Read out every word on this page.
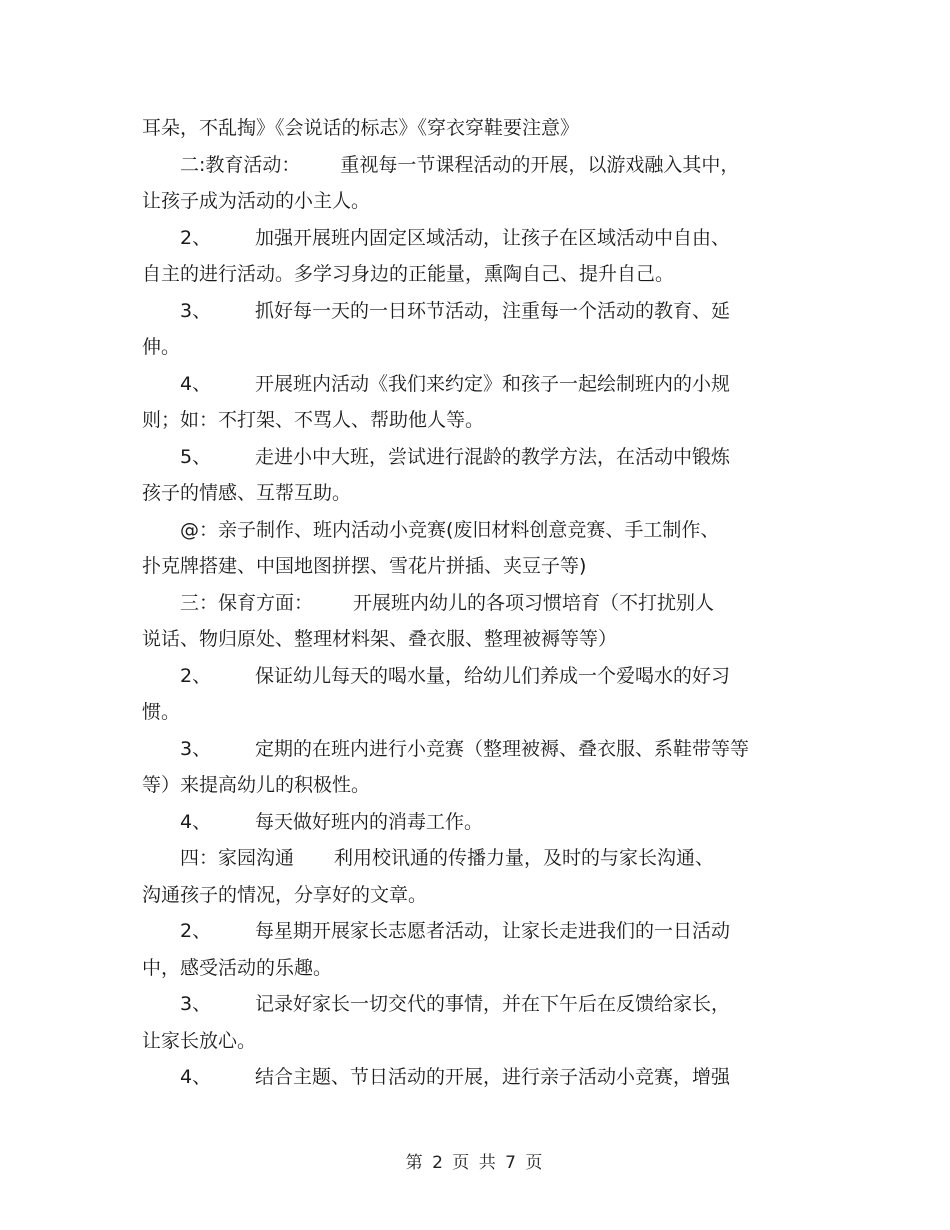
耳朵，不乱掏》《会说话的标志》《穿衣穿鞋要注意》
二:教育活动： 重视每一节课程活动的开展，以游戏融入其中，
让孩子成为活动的小主人。
2、 加强开展班内固定区域活动，让孩子在区域活动中自由、
自主的进行活动。多学习身边的正能量，熏陶自己、提升自己。
3、 抓好每一天的一日环节活动，注重每一个活动的教育、延
伸。
4、 开展班内活动《我们来约定》和孩子一起绘制班内的小规
则；如：不打架、不骂人、帮助他人等。
5、 走进小中大班，尝试进行混龄的教学方法，在活动中锻炼
孩子的情感、互帮互助。
@：亲子制作、班内活动小竞赛(废旧材料创意竞赛、手工制作、
扑克牌搭建、中国地图拼摆、雪花片拼插、夹豆子等)
三：保育方面： 开展班内幼儿的各项习惯培育（不打扰别人
说话、物归原处、整理材料架、叠衣服、整理被褥等等）
2、 保证幼儿每天的喝水量，给幼儿们养成一个爱喝水的好习
惯。
3、 定期的在班内进行小竞赛（整理被褥、叠衣服、系鞋带等等
等）来提高幼儿的积极性。
4、 每天做好班内的消毒工作。
四：家园沟通 利用校讯通的传播力量，及时的与家长沟通、
沟通孩子的情况，分享好的文章。
2、 每星期开展家长志愿者活动，让家长走进我们的一日活动
中，感受活动的乐趣。
3、 记录好家长一切交代的事情，并在下午后在反馈给家长，
让家长放心。
4、 结合主题、节日活动的开展，进行亲子活动小竞赛，增强
第 2 页 共 7 页
